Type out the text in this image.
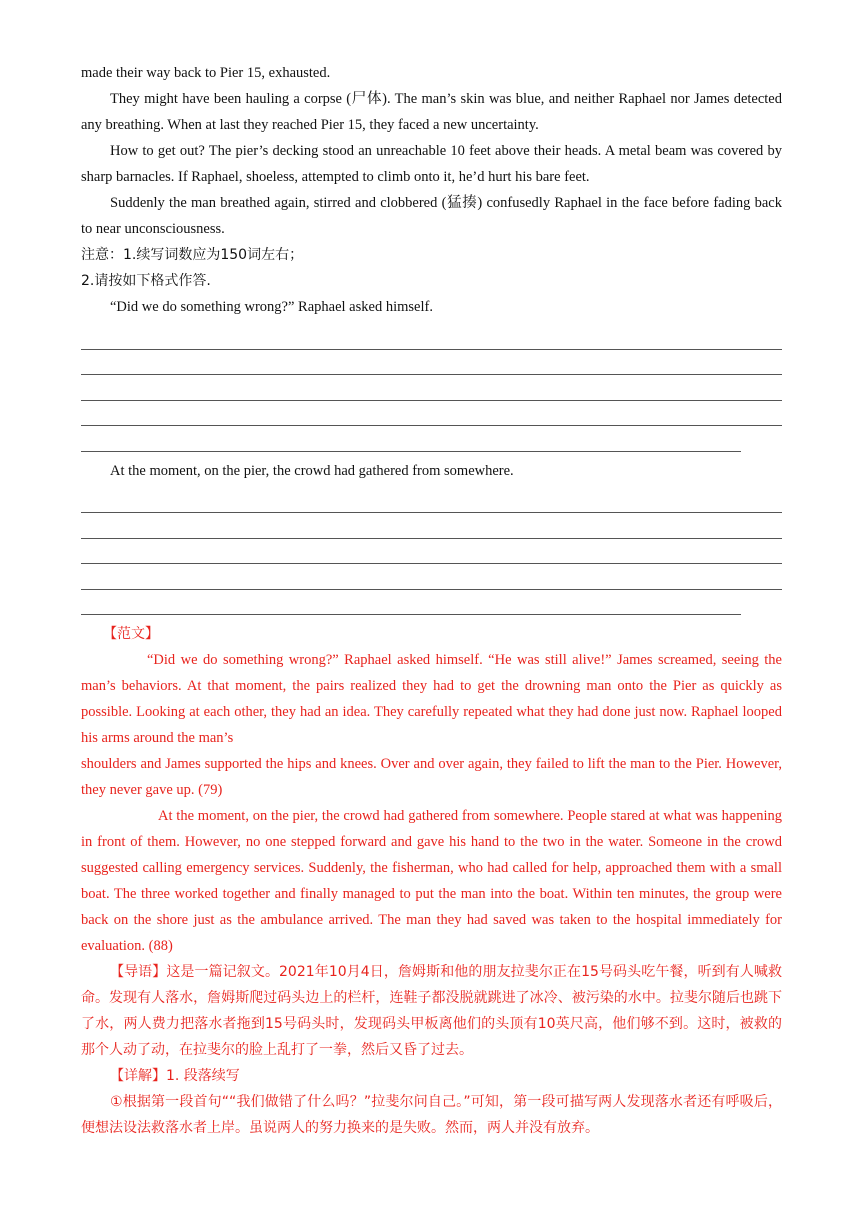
made their way back to Pier 15, exhausted.

They might have been hauling a corpse (尸体). The man’s skin was blue, and neither Raphael nor James detected any breathing. When at last they reached Pier 15, they faced a new uncertainty.

How to get out? The pier’s decking stood an unreachable 10 feet above their heads. A metal beam was covered by sharp barnacles. If Raphael, shoeless, attempted to climb onto it, he’d hurt his bare feet.

Suddenly the man breathed again, stirred and clobbered (猛揍) confusedly Raphael in the face before fading back to near unconsciousness.

注意：1.续写词数应为150词左右；

2.请按如下格式作答.

“Did we do something wrong?” Raphael asked himself.

At the moment, on the pier, the crowd had gathered from somewhere.

【范文】

“Did we do something wrong?” Raphael asked himself. “He was still alive!” James screamed, seeing the man’s behaviors. At that moment, the pairs realized they had to get the drowning man onto the Pier as quickly as possible. Looking at each other, they had an idea. They carefully repeated what they had done just now. Raphael looped his arms around the man’s

shoulders and James supported the hips and knees. Over and over again, they failed to lift the man to the Pier. However, they never gave up. (79)

At the moment, on the pier, the crowd had gathered from somewhere. People stared at what was happening in front of them. However, no one stepped forward and gave his hand to the two in the water. Someone in the crowd suggested calling emergency services. Suddenly, the fisherman, who had called for help, approached them with a small boat. The three worked together and finally managed to put the man into the boat. Within ten minutes, the group were back on the shore just as the ambulance arrived. The man they had saved was taken to the hospital immediately for evaluation. (88)

【导语】这是一篇记叙文。2021年10月4日，詹姆斯和他的朋友拉斐尔正在15号码头吃午餐，听到有人喊救命。发现有人落水，詹姆斯爬过码头边上的栏杆，连鞋子都没脱就跳进了冰冷、被污染的水中。拉斐尔随后也跳下了水，两人费力把落水者拖到15号码头时，发现码头甲板离他们的头顶有10英尺高，他们够不到。这时，被救的那个人动了动，在拉斐尔的脸上乱打了一拳，然后又昏了过去。

【详解】1. 段落续写

①根据第一段首句““我们做错了什么吗？”拉斐尔问自己。”可知，第一段可描写两人发现落水者还有呼吸后，便想法设法救落水者上岸。虽说两人的努力换来的是失败。然而，两人并没有放弃。
